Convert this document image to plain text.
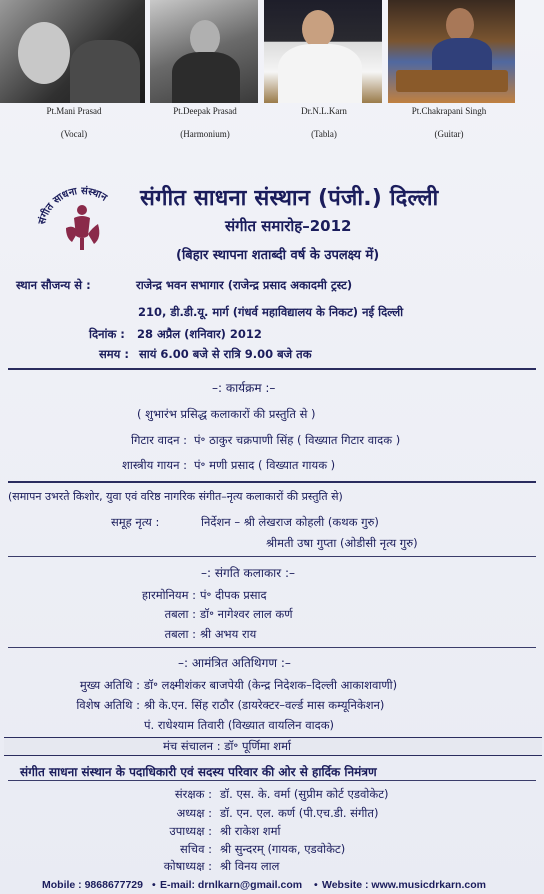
Pt.Mani Prasad
(Vocal)
Pt.Deepak Prasad
(Harmonium)
Dr.N.L.Karn
(Tabla)
Pt.Chakrapani Singh
(Guitar)
संगीत साधना संस्थान संगीत साधना संस्थान (पंजी.) दिल्ली
संगीत समारोह–2012
(बिहार स्थापना शताब्दी वर्ष के उपलक्ष्य में)
स्थान सौजन्य से :	राजेन्द्र भवन सभागार (राजेन्द्र प्रसाद अकादमी ट्रस्ट)
210, डी.डी.यू. मार्ग (गंधर्व महाविद्यालय के निकट) नई दिल्ली
दिनांक : 28 अप्रैल (शनिवार) 2012
समय : सायं 6.00 बजे से रात्रि 9.00 बजे तक
–: कार्यक्रम :–
( शुभारंभ प्रसिद्ध कलाकारों की प्रस्तुति से )
गिटार वादन : पं॰ ठाकुर चक्रपाणी सिंह ( विख्यात गिटार वादक )
शास्त्रीय गायन : पं॰ मणी प्रसाद ( विख्यात गायक )
(समापन उभरते किशोर, युवा एवं वरिष्ठ नागरिक संगीत–नृत्य कलाकारों की प्रस्तुति से)
समूह नृत्य :	निर्देशन – श्री लेखराज कोहली (कथक गुरु)
श्रीमती उषा गुप्ता (ओडीसी नृत्य गुरु)
–: संगति कलाकार :–
हारमोनियम : पं॰ दीपक प्रसाद
तबला : डॉ॰ नागेश्वर लाल कर्ण
तबला : श्री अभय राय
–: आमंत्रित अतिथिगण :–
मुख्य अतिथि : डॉ॰ लक्ष्मीशंकर बाजपेयी (केन्द्र निदेशक–दिल्ली आकाशवाणी)
विशेष अतिथि : श्री के.एन. सिंह राठौर (डायरेक्टर–वर्ल्ड मास कम्यूनिकेशन)
पं. राधेश्याम तिवारी (विख्यात वायलिन वादक)
मंच संचालन : डॉ॰ पूर्णिमा शर्मा
संगीत साधना संस्थान के पदाधिकारी एवं सदस्य परिवार की ओर से हार्दिक निमंत्रण
संरक्षक : डॉ. एस. के. वर्मा (सुप्रीम कोर्ट एडवोकेट)
अध्यक्ष : डॉ. एन. एल. कर्ण (पी.एच.डी. संगीत)
उपाध्यक्ष : श्री राकेश शर्मा
सचिव : श्री सुन्दरम् (गायक, एडवोकेट)
कोषाध्यक्ष : श्री विनय लाल
Mobile : 9868677729 • E-mail: drnlkarn@gmail.com • Website : www.musicdrkarn.com
